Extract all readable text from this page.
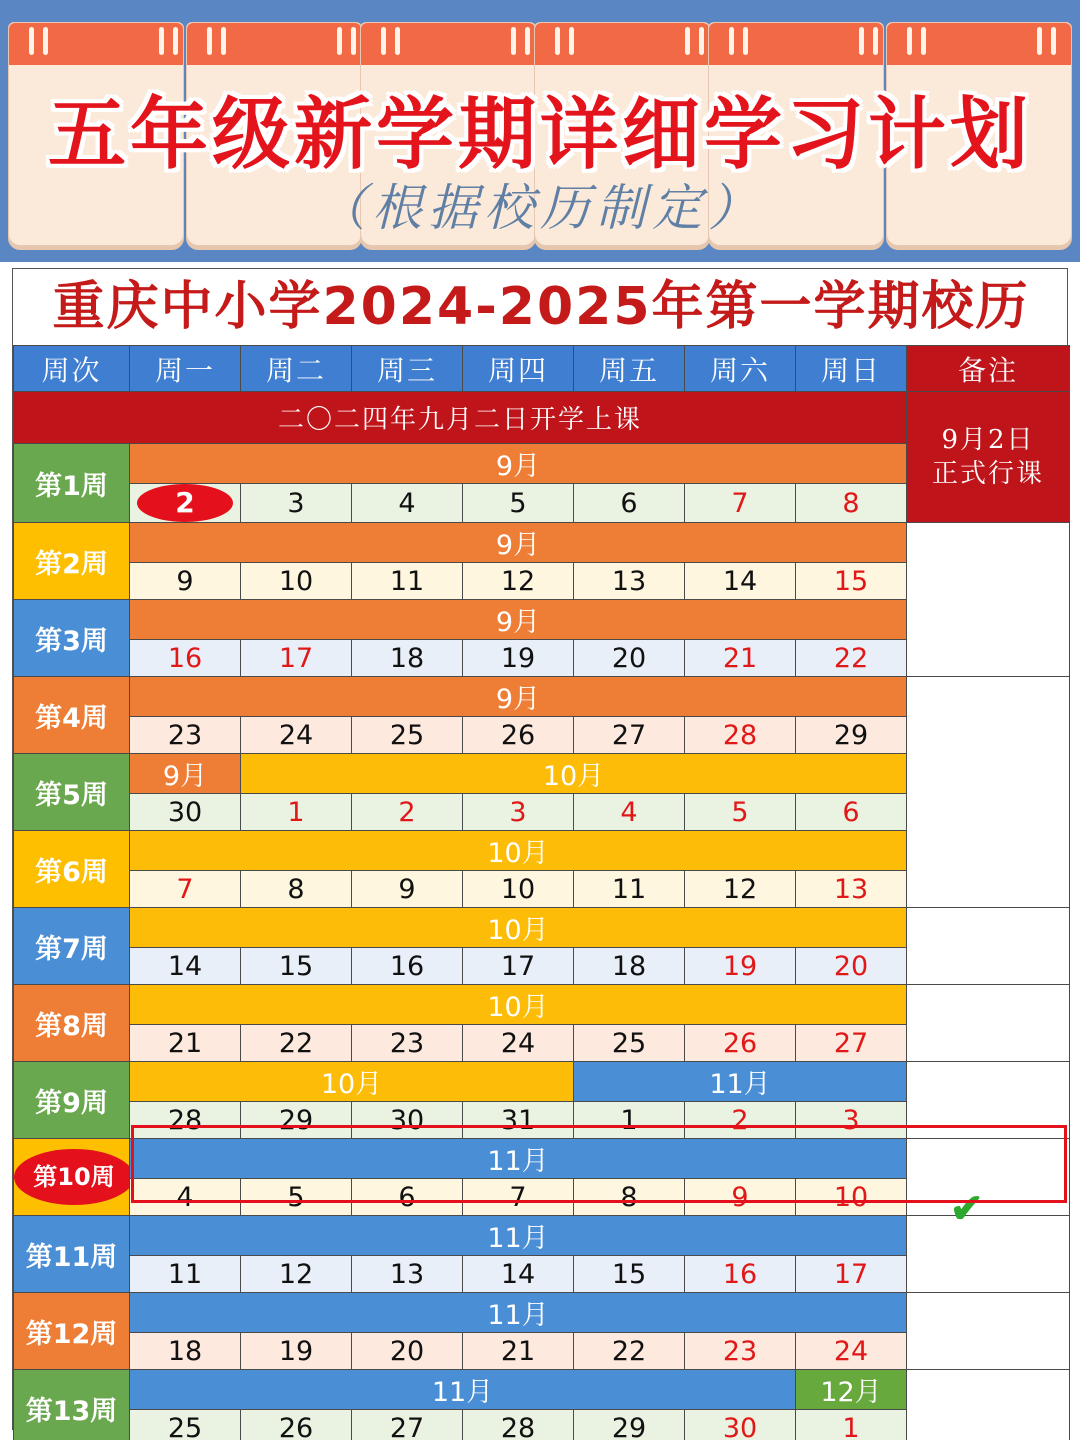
五年级新学期详细学习计划
（根据校历制定）
重庆中小学2024-2025年第一学期校历
周次	周一	周二	周三	周四	周五	周六	周日	备注
二〇二四年九月二日开学上课								9月2日
正式行课

第1周	9月							
	2	3	4	5	6	7	8	
第2周	9月							9月15-17日
为中秋放假

	9	10	11	12	13	14	15	
第3周	9月							
	16	17	18	19	20	21	22	
第4周	9月							10月1日-7日
为国庆放假
9月29日、10
月12日调课

	23	24	25	26	27	28	29	
第5周	9月	10月						
	30	1	2	3	4	5	6	
第6周	10月							
	7	8	9	10	11	12	13	
第7周	10月							

	14	15	16	17	18	19	20	
第8周	10月							

	21	22	23	24	25	26	27	
第9周	10月				11月			

	28	29	30	31	1	2	3	
第10周	11月							半期检测
✔

	4	5	6	7	8	9	10	
第11周	11月							

	11	12	13	14	15	16	17	
第12周	11月							

	18	19	20	21	22	23	24	
第13周	11月						12月	

	25	26	27	28	29	30	1	
